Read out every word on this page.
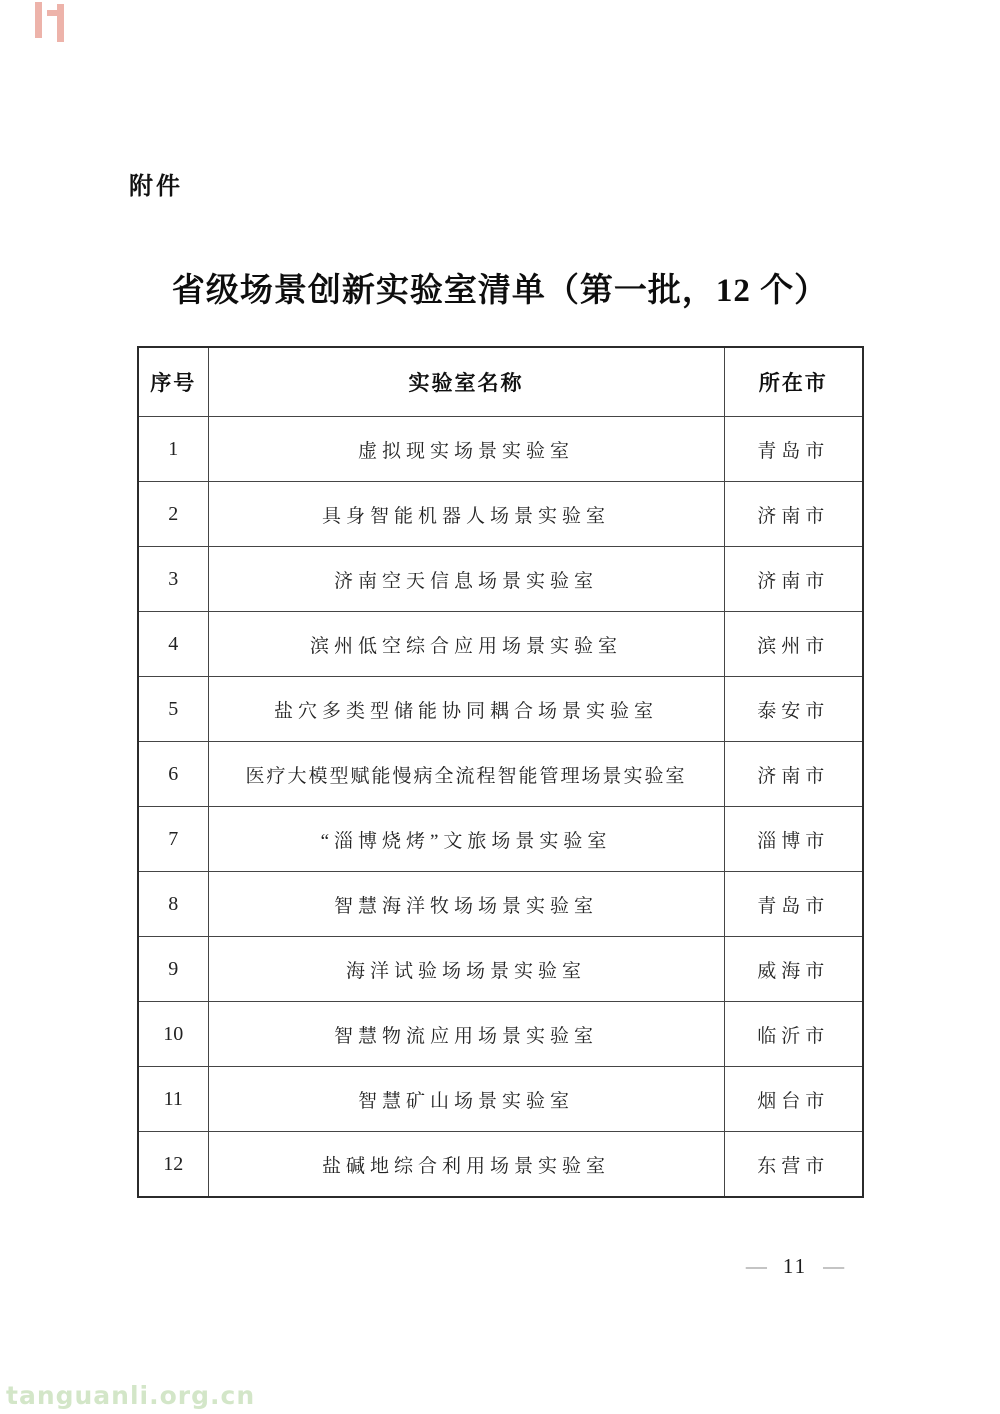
附件
省级场景创新实验室清单（第一批，12 个）
序号	实验室名称	所在市
1	虚拟现实场景实验室	青岛市
2	具身智能机器人场景实验室	济南市
3	济南空天信息场景实验室	济南市
4	滨州低空综合应用场景实验室	滨州市
5	盐穴多类型储能协同耦合场景实验室	泰安市
6	医疗大模型赋能慢病全流程智能管理场景实验室	济南市
7	“淄博烧烤”文旅场景实验室	淄博市
8	智慧海洋牧场场景实验室	青岛市
9	海洋试验场场景实验室	威海市
10	智慧物流应用场景实验室	临沂市
11	智慧矿山场景实验室	烟台市
12	盐碱地综合利用场景实验室	东营市
— 11 —
tanguanli.org.cn
